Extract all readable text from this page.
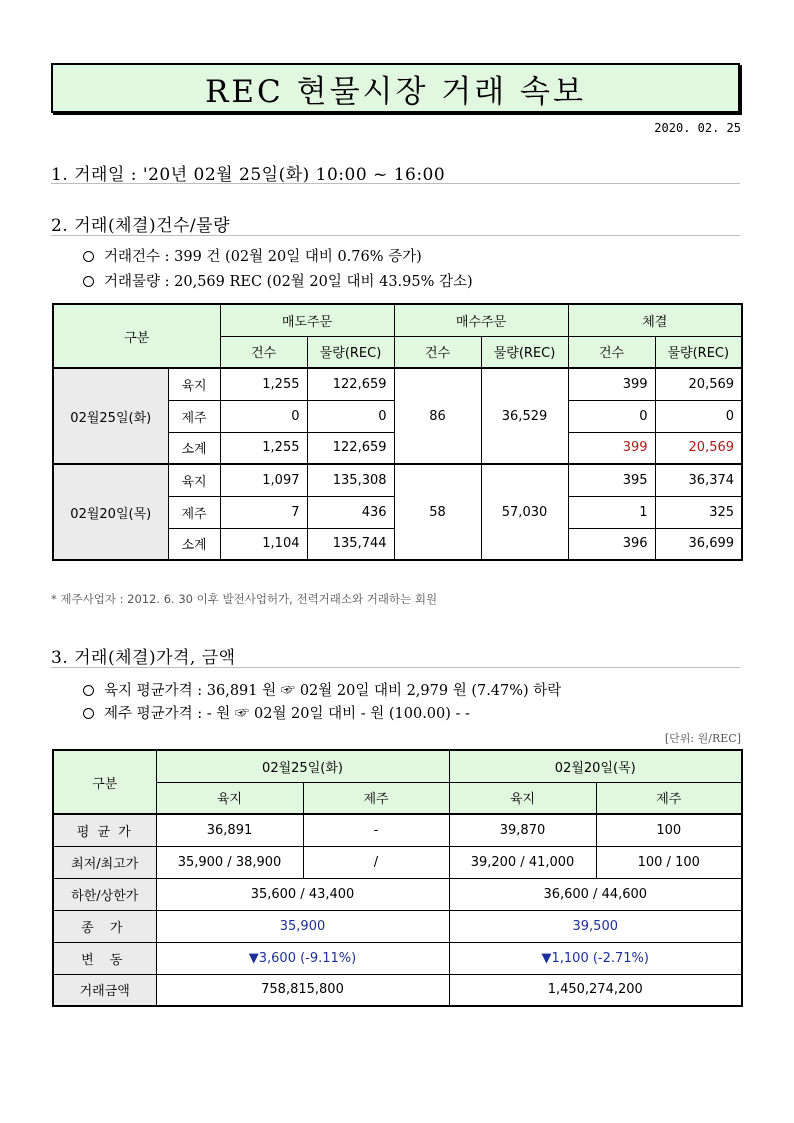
REC 현물시장 거래 속보
2020. 02. 25
1. 거래일 : '20년 02월 25일(화) 10:00 ~ 16:00
2. 거래(체결)건수/물량
거래건수 : 399 건 (02월 20일 대비 0.76% 증가)
거래물량 : 20,569 REC (02월 20일 대비 43.95% 감소)
구분		매도주문		매수주문		체결	
		건수	물량(REC)	건수	물량(REC)	건수	물량(REC)
02월25일(화)	육지	1,255	122,659	86	36,529	399	20,569
	제주	0	0			0	0
	소계	1,255	122,659			399	20,569
02월20일(목)	육지	1,097	135,308	58	57,030	395	36,374
	제주	7	436			1	325
	소계	1,104	135,744			396	36,699
* 제주사업자 : 2012. 6. 30 이후 발전사업허가, 전력거래소와 거래하는 회원
3. 거래(체결)가격, 금액
육지 평균가격 : 36,891 원 ☞ 02월 20일 대비 2,979 원 (7.47%) 하락
제주 평균가격 : - 원 ☞ 02월 20일 대비 - 원 (100.00) - -
[단위: 원/REC]
구분	02월25일(화)		02월20일(목)	
	육지	제주	육지	제주
평 균 가	36,891	-	39,870	100
최저/최고가	35,900 / 38,900	/	39,200 / 41,000	100 / 100
하한/상한가	35,600 / 43,400		36,600 / 44,600	
종 가	35,900		39,500	
변 동	▼3,600 (-9.11%)		▼1,100 (-2.71%)	
거래금액	758,815,800		1,450,274,200	
